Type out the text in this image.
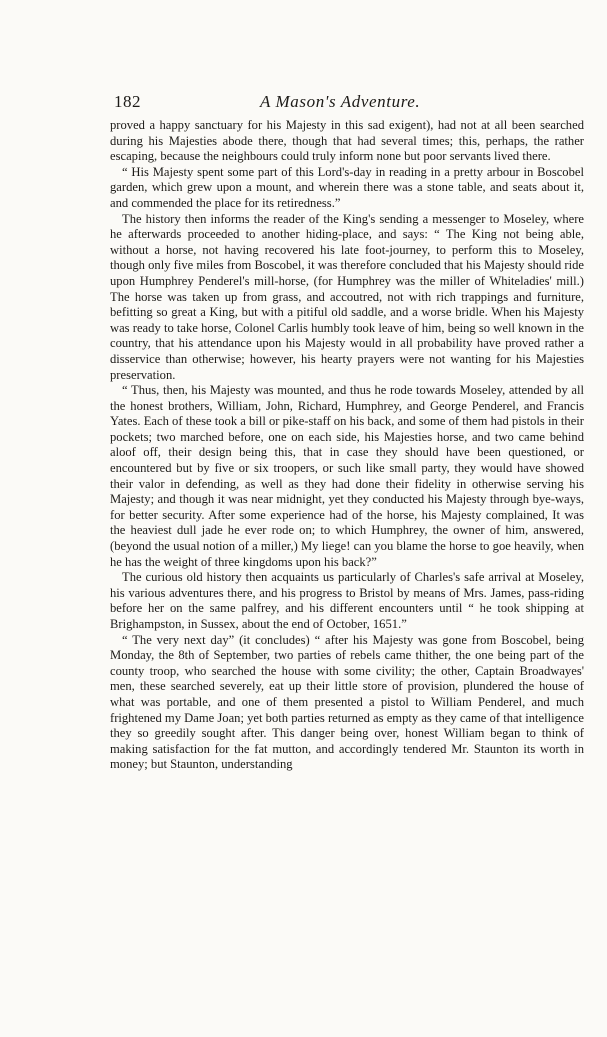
182	A Mason's Adventure.

proved a happy sanctuary for his Majesty in this sad exigent), had not at all been searched during his Majesties abode there, though that had several times; this, perhaps, the rather escaping, because the neighbours could truly inform none but poor servants lived there.

“ His Majesty spent some part of this Lord's-day in reading in a pretty arbour in Boscobel garden, which grew upon a mount, and wherein there was a stone table, and seats about it, and commended the place for its retiredness.”

The history then informs the reader of the King's sending a messenger to Moseley, where he afterwards proceeded to another hiding-place, and says: “ The King not being able, without a horse, not having recovered his late foot-journey, to perform this to Moseley, though only five miles from Boscobel, it was therefore concluded that his Majesty should ride upon Humphrey Penderel's mill-horse, (for Humphrey was the miller of Whiteladies' mill.) The horse was taken up from grass, and accoutred, not with rich trappings and furniture, befitting so great a King, but with a pitiful old saddle, and a worse bridle. When his Majesty was ready to take horse, Colonel Carlis humbly took leave of him, being so well known in the country, that his attendance upon his Majesty would in all probability have proved rather a disservice than otherwise; however, his hearty prayers were not wanting for his Majesties preservation.

“ Thus, then, his Majesty was mounted, and thus he rode towards Moseley, attended by all the honest brothers, William, John, Richard, Humphrey, and George Penderel, and Francis Yates. Each of these took a bill or pike-staff on his back, and some of them had pistols in their pockets; two marched before, one on each side, his Majesties horse, and two came behind aloof off, their design being this, that in case they should have been questioned, or encountered but by five or six troopers, or such like small party, they would have showed their valor in defending, as well as they had done their fidelity in otherwise serving his Majesty; and though it was near midnight, yet they conducted his Majesty through bye-ways, for better security. After some experience had of the horse, his Majesty complained, It was the heaviest dull jade he ever rode on; to which Humphrey, the owner of him, answered, (beyond the usual notion of a miller,) My liege! can you blame the horse to goe heavily, when he has the weight of three kingdoms upon his back?”

The curious old history then acquaints us particularly of Charles's safe arrival at Moseley, his various adventures there, and his progress to Bristol by means of Mrs. James, pass-riding before her on the same palfrey, and his different encounters until “ he took shipping at Brighampston, in Sussex, about the end of October, 1651.”

“ The very next day” (it concludes) “ after his Majesty was gone from Boscobel, being Monday, the 8th of September, two parties of rebels came thither, the one being part of the county troop, who searched the house with some civility; the other, Captain Broadwayes' men, these searched severely, eat up their little store of provision, plundered the house of what was portable, and one of them presented a pistol to William Penderel, and much frightened my Dame Joan; yet both parties returned as empty as they came of that intelligence they so greedily sought after. This danger being over, honest William began to think of making satisfaction for the fat mutton, and accordingly tendered Mr. Staunton its worth in money; but Staunton, understanding
